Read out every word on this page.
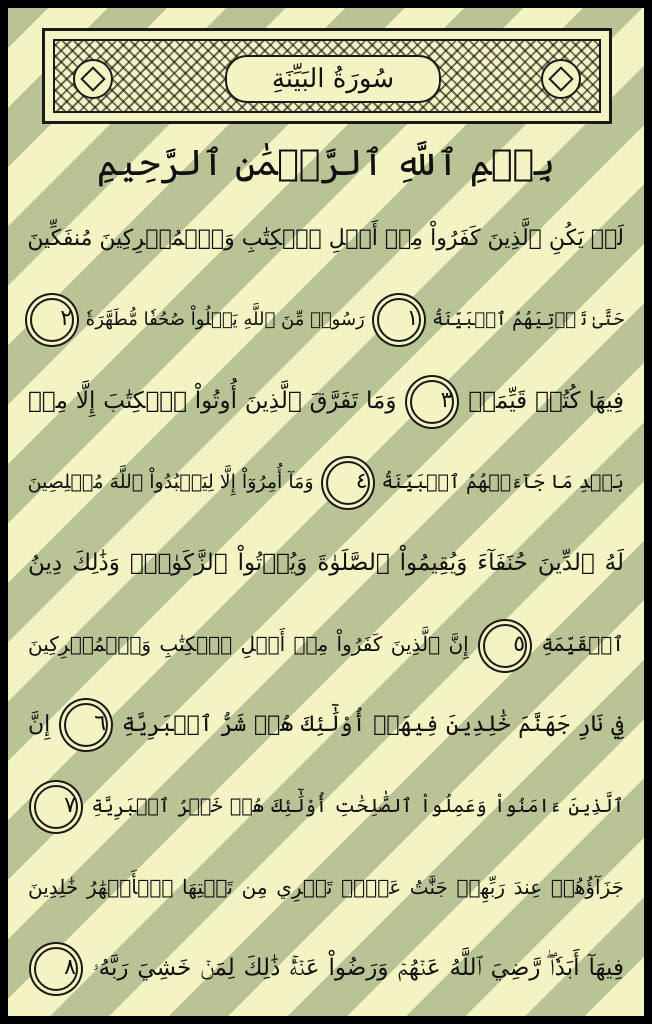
سُورَةُ البَيِّنَةِ
بِسۡمِ ٱللَّهِ ٱلرَّحۡمَٰنِ ٱلرَّحِيمِ
لَمۡ يَكُنِ ٱلَّذِينَ كَفَرُواْ مِنۡ أَهۡلِ ٱلۡكِتَٰبِ وَٱلۡمُشۡرِكِينَ مُنفَكِّينَ
حَتَّىٰ تَأۡتِيَهُمُ ٱلۡبَيِّنَةُ ١ رَسُولٞ مِّنَ ٱللَّهِ يَتۡلُواْ صُحُفٗا مُّطَهَّرَةٗ ٢
فِيهَا كُتُبٞ قَيِّمَةٞ ٣ وَمَا تَفَرَّقَ ٱلَّذِينَ أُوتُواْ ٱلۡكِتَٰبَ إِلَّا مِنۢ
بَعۡدِ مَا جَآءَتۡهُمُ ٱلۡبَيِّنَةُ ٤ وَمَآ أُمِرُوٓاْ إِلَّا لِيَعۡبُدُواْ ٱللَّهَ مُخۡلِصِينَ
لَهُ ٱلدِّينَ حُنَفَآءَ وَيُقِيمُواْ ٱلصَّلَوٰةَ وَيُؤۡتُواْ ٱلزَّكَوٰةَۚ وَذَٰلِكَ دِينُ
ٱلۡقَيِّمَةِ ٥ إِنَّ ٱلَّذِينَ كَفَرُواْ مِنۡ أَهۡلِ ٱلۡكِتَٰبِ وَٱلۡمُشۡرِكِينَ
فِي نَارِ جَهَنَّمَ خَٰلِدِينَ فِيهَآۚ أُوْلَٰٓئِكَ هُمۡ شَرُّ ٱلۡبَرِيَّةِ ٦ إِنَّ
ٱلَّذِينَ ءَامَنُواْ وَعَمِلُواْ ٱلصَّٰلِحَٰتِ أُوْلَٰٓئِكَ هُمۡ خَيۡرُ ٱلۡبَرِيَّةِ ٧
جَزَآؤُهُمۡ عِندَ رَبِّهِمۡ جَنَّٰتُ عَدۡنٖ تَجۡرِي مِن تَحۡتِهَا ٱلۡأَنۡهَٰرُ خَٰلِدِينَ
فِيهَآ أَبَدٗاۖ رَّضِيَ ٱللَّهُ عَنۡهُمۡ وَرَضُواْ عَنۡهُۚ ذَٰلِكَ لِمَنۡ خَشِيَ رَبَّهُۥ ٨
